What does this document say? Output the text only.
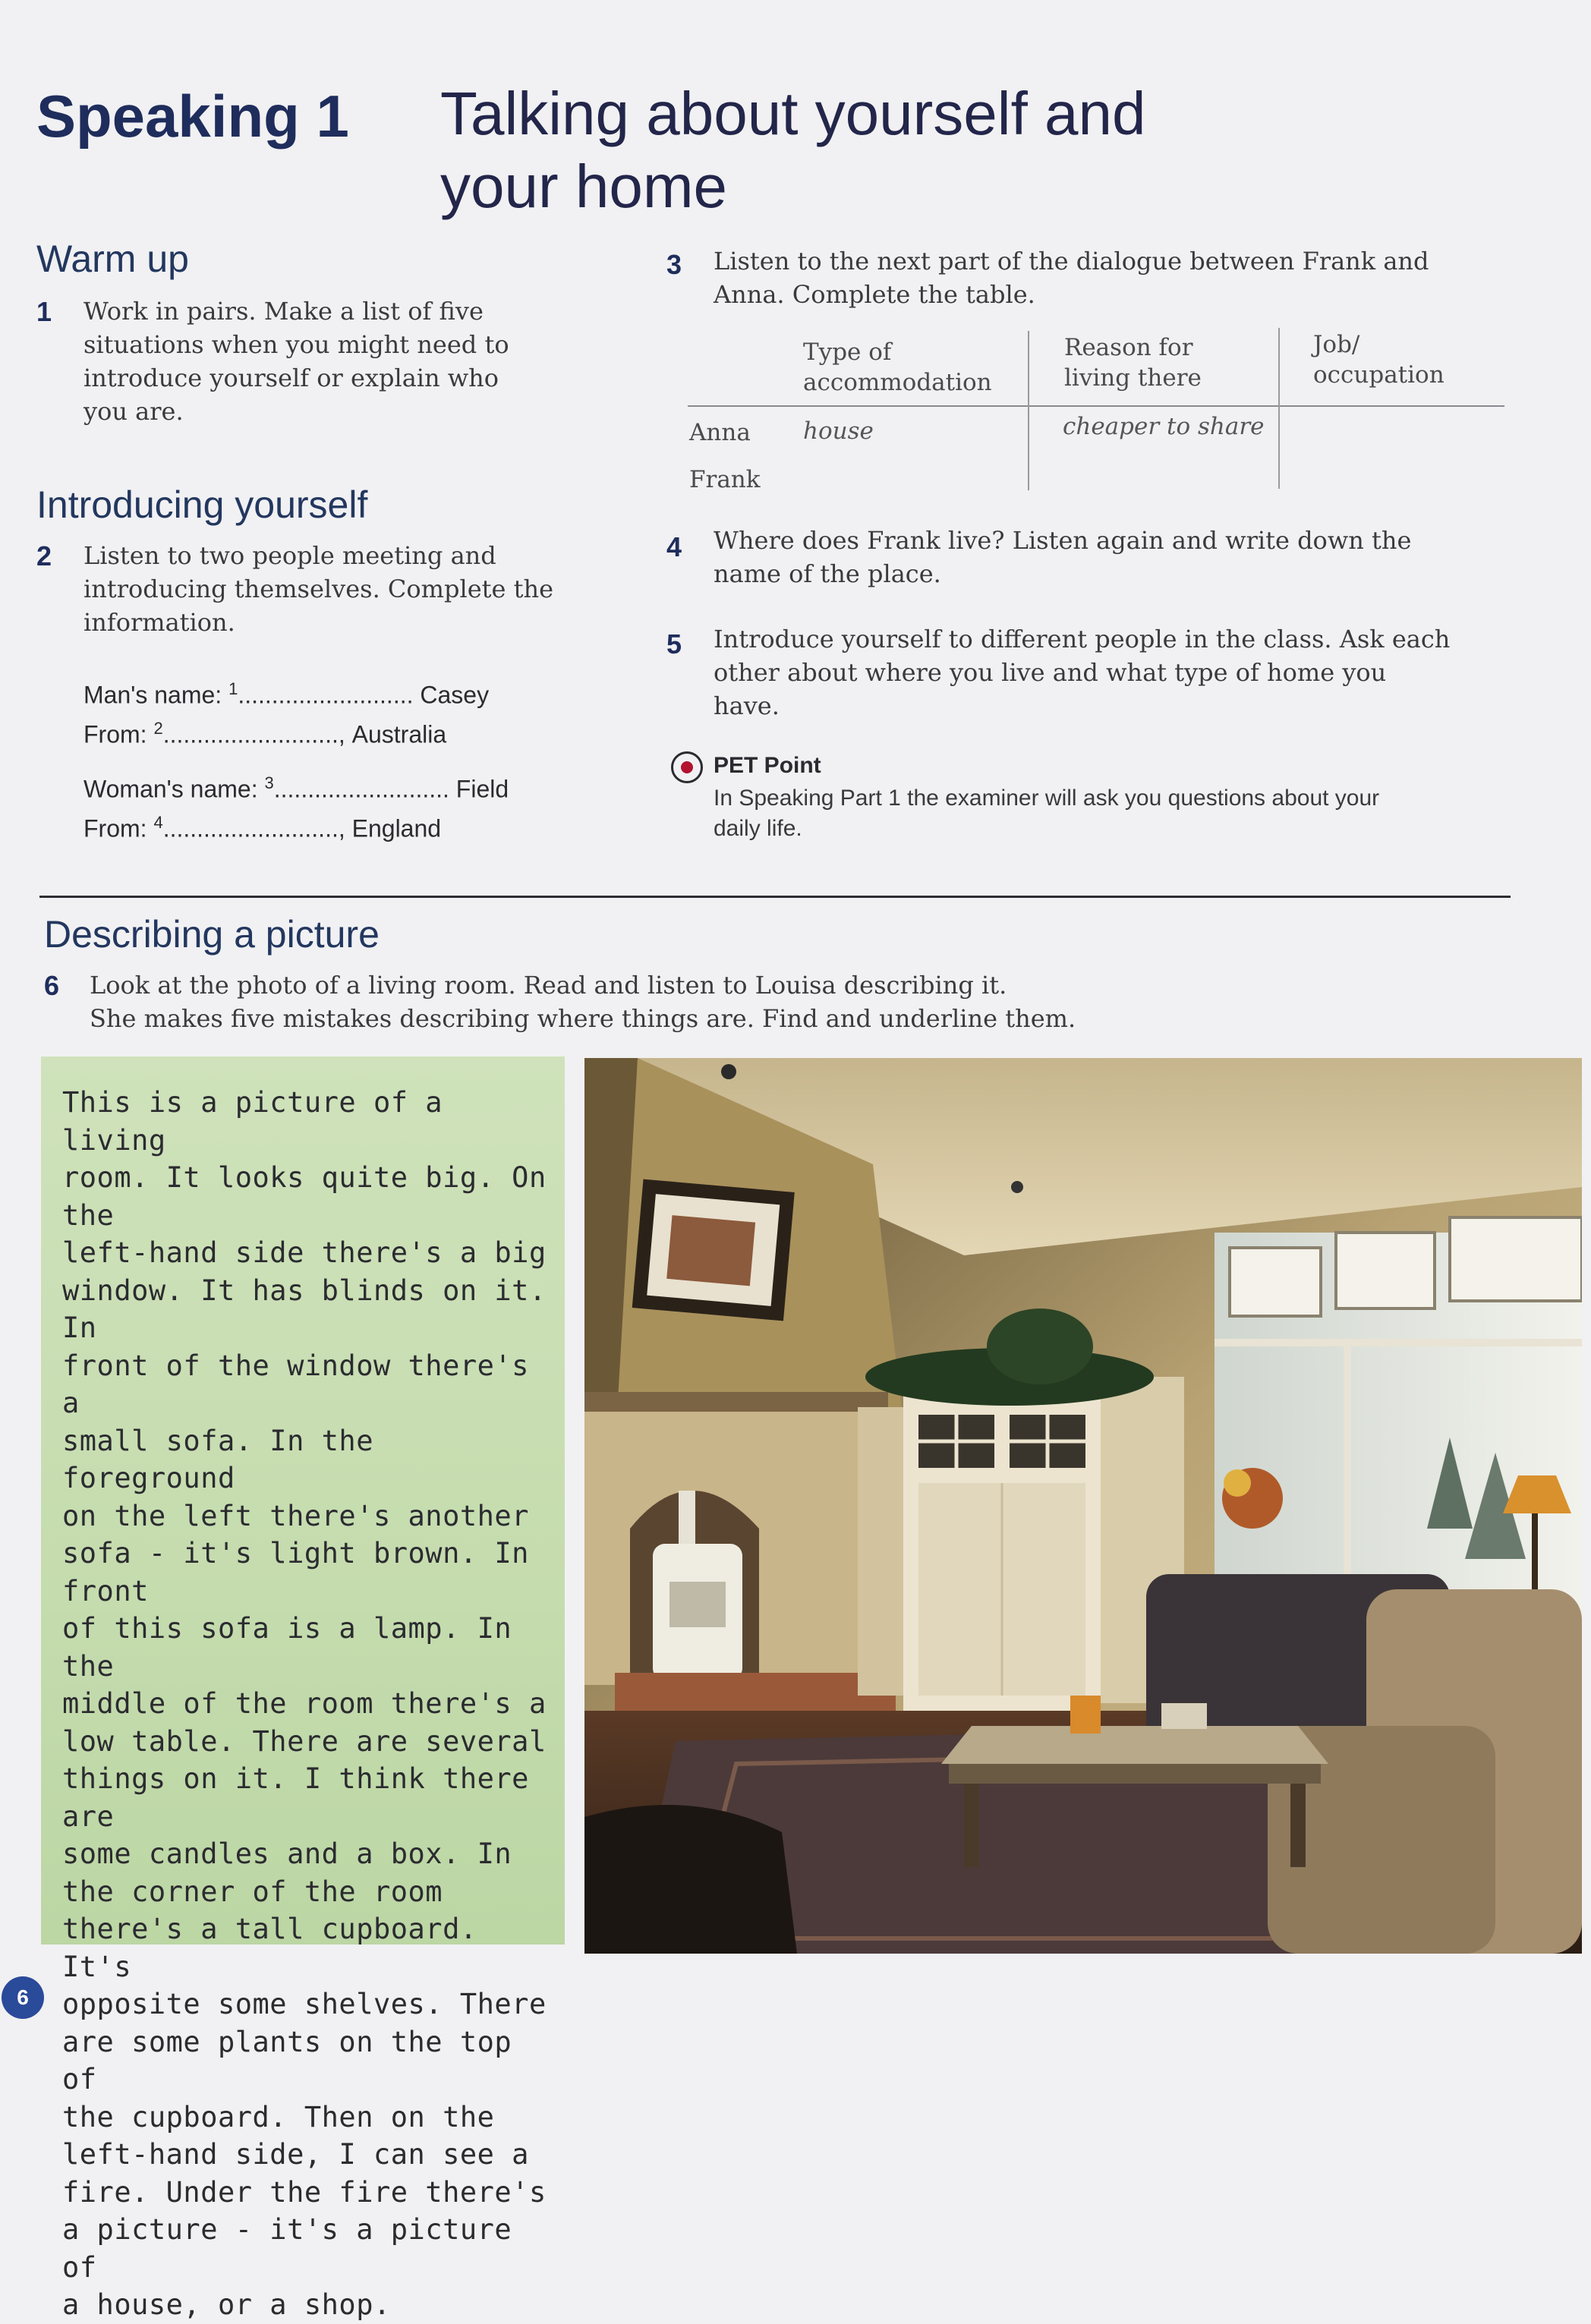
Speaking 1 Talking about yourself and
your home
Warm up
1 Work in pairs. Make a list of five
situations when you might need to
introduce yourself or explain who
you are.
Introducing yourself
2 Listen to two people meeting and
introducing themselves. Complete the
information.
Man's name: $^1$.......................... Casey
From: $^2$.........................., Australia
Woman's name: $^3$.......................... Field
From: $^4$.........................., England
3 Listen to the next part of the dialogue between Frank and
Anna. Complete the table.
Type of
accommodation
Reason for
living there
Job/
occupation
Anna house	cheaper to share
Frank
4 Where does Frank live? Listen again and write down the
name of the place.
5 Introduce yourself to different people in the class. Ask each
other about where you live and what type of home you
have.
PET Point
In Speaking Part 1 the examiner will ask you questions about your
daily life.
Describing a picture
6 Look at the photo of a living room. Read and listen to Louisa describing it.
She makes five mistakes describing where things are. Find and underline them.
This is a picture of a living
room. It looks quite big. On the
left-hand side there's a big
window. It has blinds on it. In
front of the window there's a
small sofa. In the foreground
on the left there's another
sofa - it's light brown. In front
of this sofa is a lamp. In the
middle of the room there's a
low table. There are several
things on it. I think there are
some candles and a box. In
the corner of the room
there's a tall cupboard. It's
opposite some shelves. There
are some plants on the top of
the cupboard. Then on the
left-hand side, I can see a
fire. Under the fire there's
a picture - it's a picture of
a house, or a shop.
6
